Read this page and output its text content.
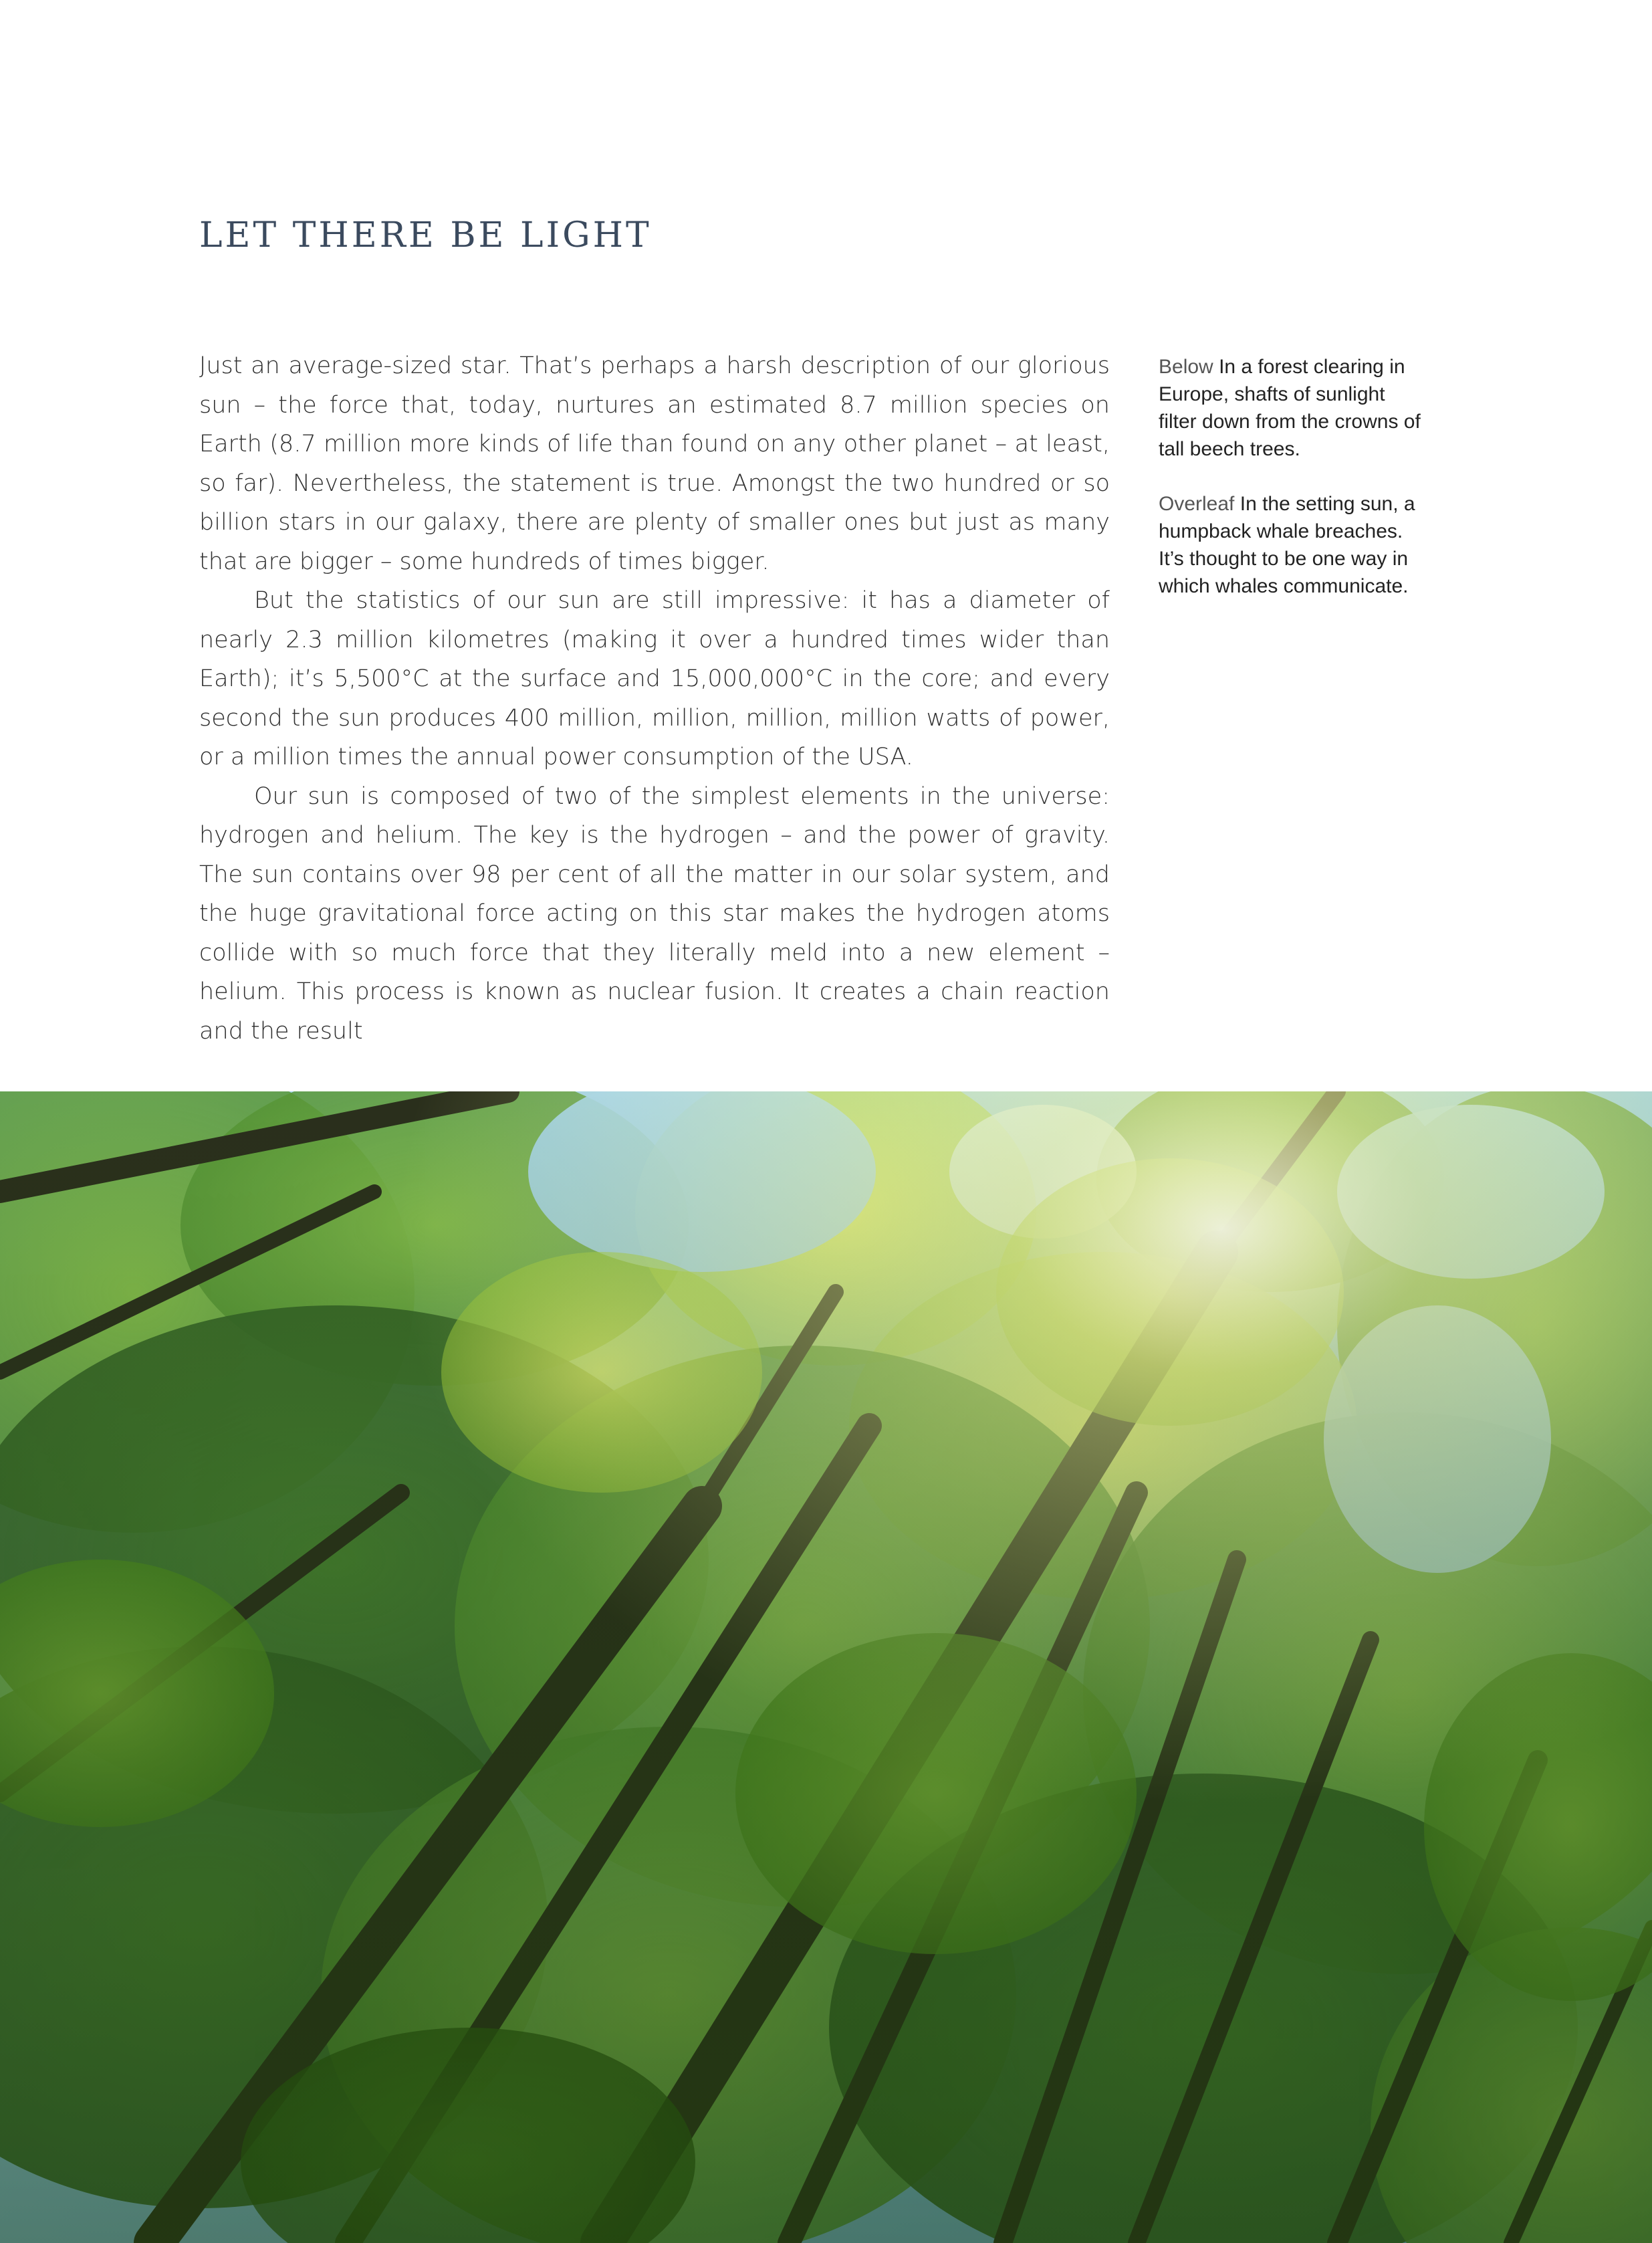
LET THERE BE LIGHT

Just an average-sized star. That’s perhaps a harsh description of our glorious sun – the force that, today, nurtures an estimated 8.7 million species on Earth (8.7 million more kinds of life than found on any other planet – at least, so far). Nevertheless, the statement is true. Amongst the two hundred or so billion stars in our galaxy, there are plenty of smaller ones but just as many that are bigger – some hundreds of times bigger.

But the statistics of our sun are still impressive: it has a diameter of nearly 2.3 million kilometres (making it over a hundred times wider than Earth); it’s 5,500°C at the surface and 15,000,000°C in the core; and every second the sun produces 400 million, million, million, million watts of power, or a million times the annual power consumption of the USA.

Our sun is composed of two of the simplest elements in the universe: hydrogen and helium. The key is the hydrogen – and the power of gravity. The sun contains over 98 per cent of all the matter in our solar system, and the huge gravitational force acting on this star makes the hydrogen atoms collide with so much force that they literally meld into a new element – helium. This process is known as nuclear fusion. It creates a chain reaction and the result

Below In a forest clearing in Europe, shafts of sunlight filter down from the crowns of tall beech trees.

Overleaf In the setting sun, a humpback whale breaches. It’s thought to be one way in which whales communicate.
